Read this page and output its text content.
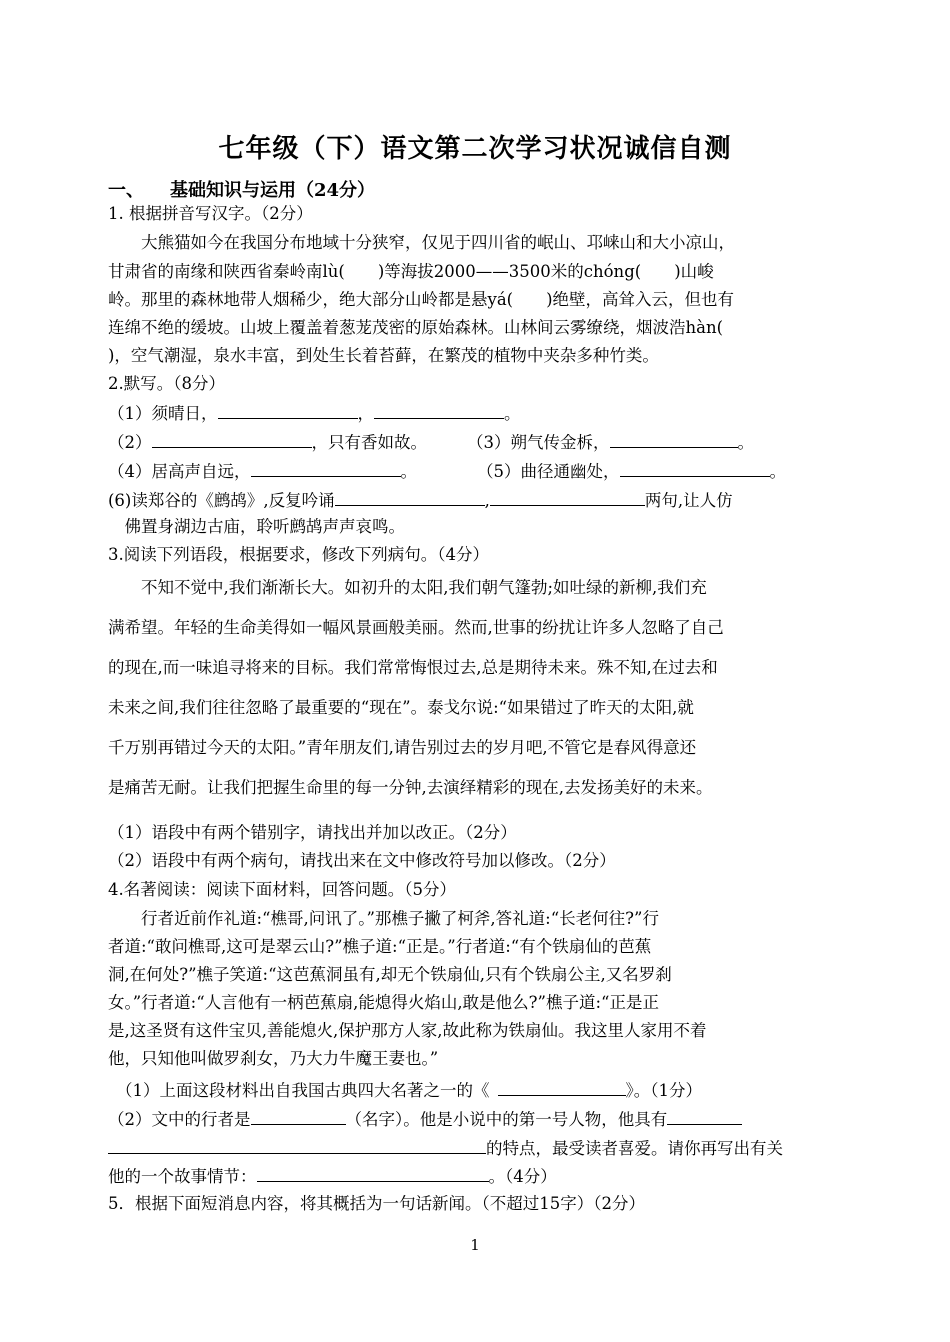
七年级（下）语文第二次学习状况诚信自测
一、 基础知识与运用（24分）
1. 根据拼音写汉字。（2分）
　　大熊猫如今在我国分布地域十分狭窄，仅见于四川省的岷山、邛崃山和大小凉山，
甘肃省的南缘和陕西省秦岭南lù(　　)等海拔2000——3500米的chóng(　　)山峻
岭。那里的森林地带人烟稀少，绝大部分山岭都是悬yá(　　)绝壁，高耸入云，但也有
连绵不绝的缓坡。山坡上覆盖着葱茏茂密的原始森林。山林间云雾缭绕，烟波浩hàn(
)，空气潮湿，泉水丰富，到处生长着苔藓，在繁茂的植物中夹杂多种竹类。
2.默写。（8分）
（1）须晴日，	，	。
（2）	，只有香如故。 （3）朔气传金柝，	。
（4）居高声自远，	。	（5）曲径通幽处，	。
(6)读郑谷的《鹧鸪》,反复吟诵	,	两句,让人仿
　佛置身湖边古庙，聆听鹧鸪声声哀鸣。
3.阅读下列语段，根据要求，修改下列病句。（4分）
　　不知不觉中,我们渐渐长大。如初升的太阳,我们朝气篷勃;如吐绿的新柳,我们充
满希望。年轻的生命美得如一幅风景画般美丽。然而,世事的纷扰让许多人忽略了自己
的现在,而一味追寻将来的目标。我们常常悔恨过去,总是期待未来。殊不知,在过去和
未来之间,我们往往忽略了最重要的“现在”。泰戈尔说:“如果错过了昨天的太阳,就
千万别再错过今天的太阳。”青年朋友们,请告别过去的岁月吧,不管它是春风得意还
是痛苦无耐。让我们把握生命里的每一分钟,去演绎精彩的现在,去发扬美好的未来。
（1）语段中有两个错别字，请找出并加以改正。（2分）
（2）语段中有两个病句，请找出来在文中修改符号加以修改。（2分）
4.名著阅读：阅读下面材料，回答问题。（5分）
　　行者近前作礼道:“樵哥,问讯了。”那樵子撇了柯斧,答礼道:“长老何往?”行
者道:“敢问樵哥,这可是翠云山?”樵子道:“正是。”行者道:“有个铁扇仙的芭蕉
洞,在何处?”樵子笑道:“这芭蕉洞虽有,却无个铁扇仙,只有个铁扇公主,又名罗刹
女。”行者道:“人言他有一柄芭蕉扇,能熄得火焰山,敢是他么?”樵子道:“正是正
是,这圣贤有这件宝贝,善能熄火,保护那方人家,故此称为铁扇仙。我这里人家用不着
他，只知他叫做罗刹女，乃大力牛魔王妻也。”
（1）上面这段材料出自我国古典四大名著之一的《	》。（1分）
（2）文中的行者是	（名字）。他是小说中的第一号人物，他具有
的特点，最受读者喜爱。请你再写出有关
他的一个故事情节：	。（4分）
5．根据下面短消息内容，将其概括为一句话新闻。（不超过15字）（2分）
1
